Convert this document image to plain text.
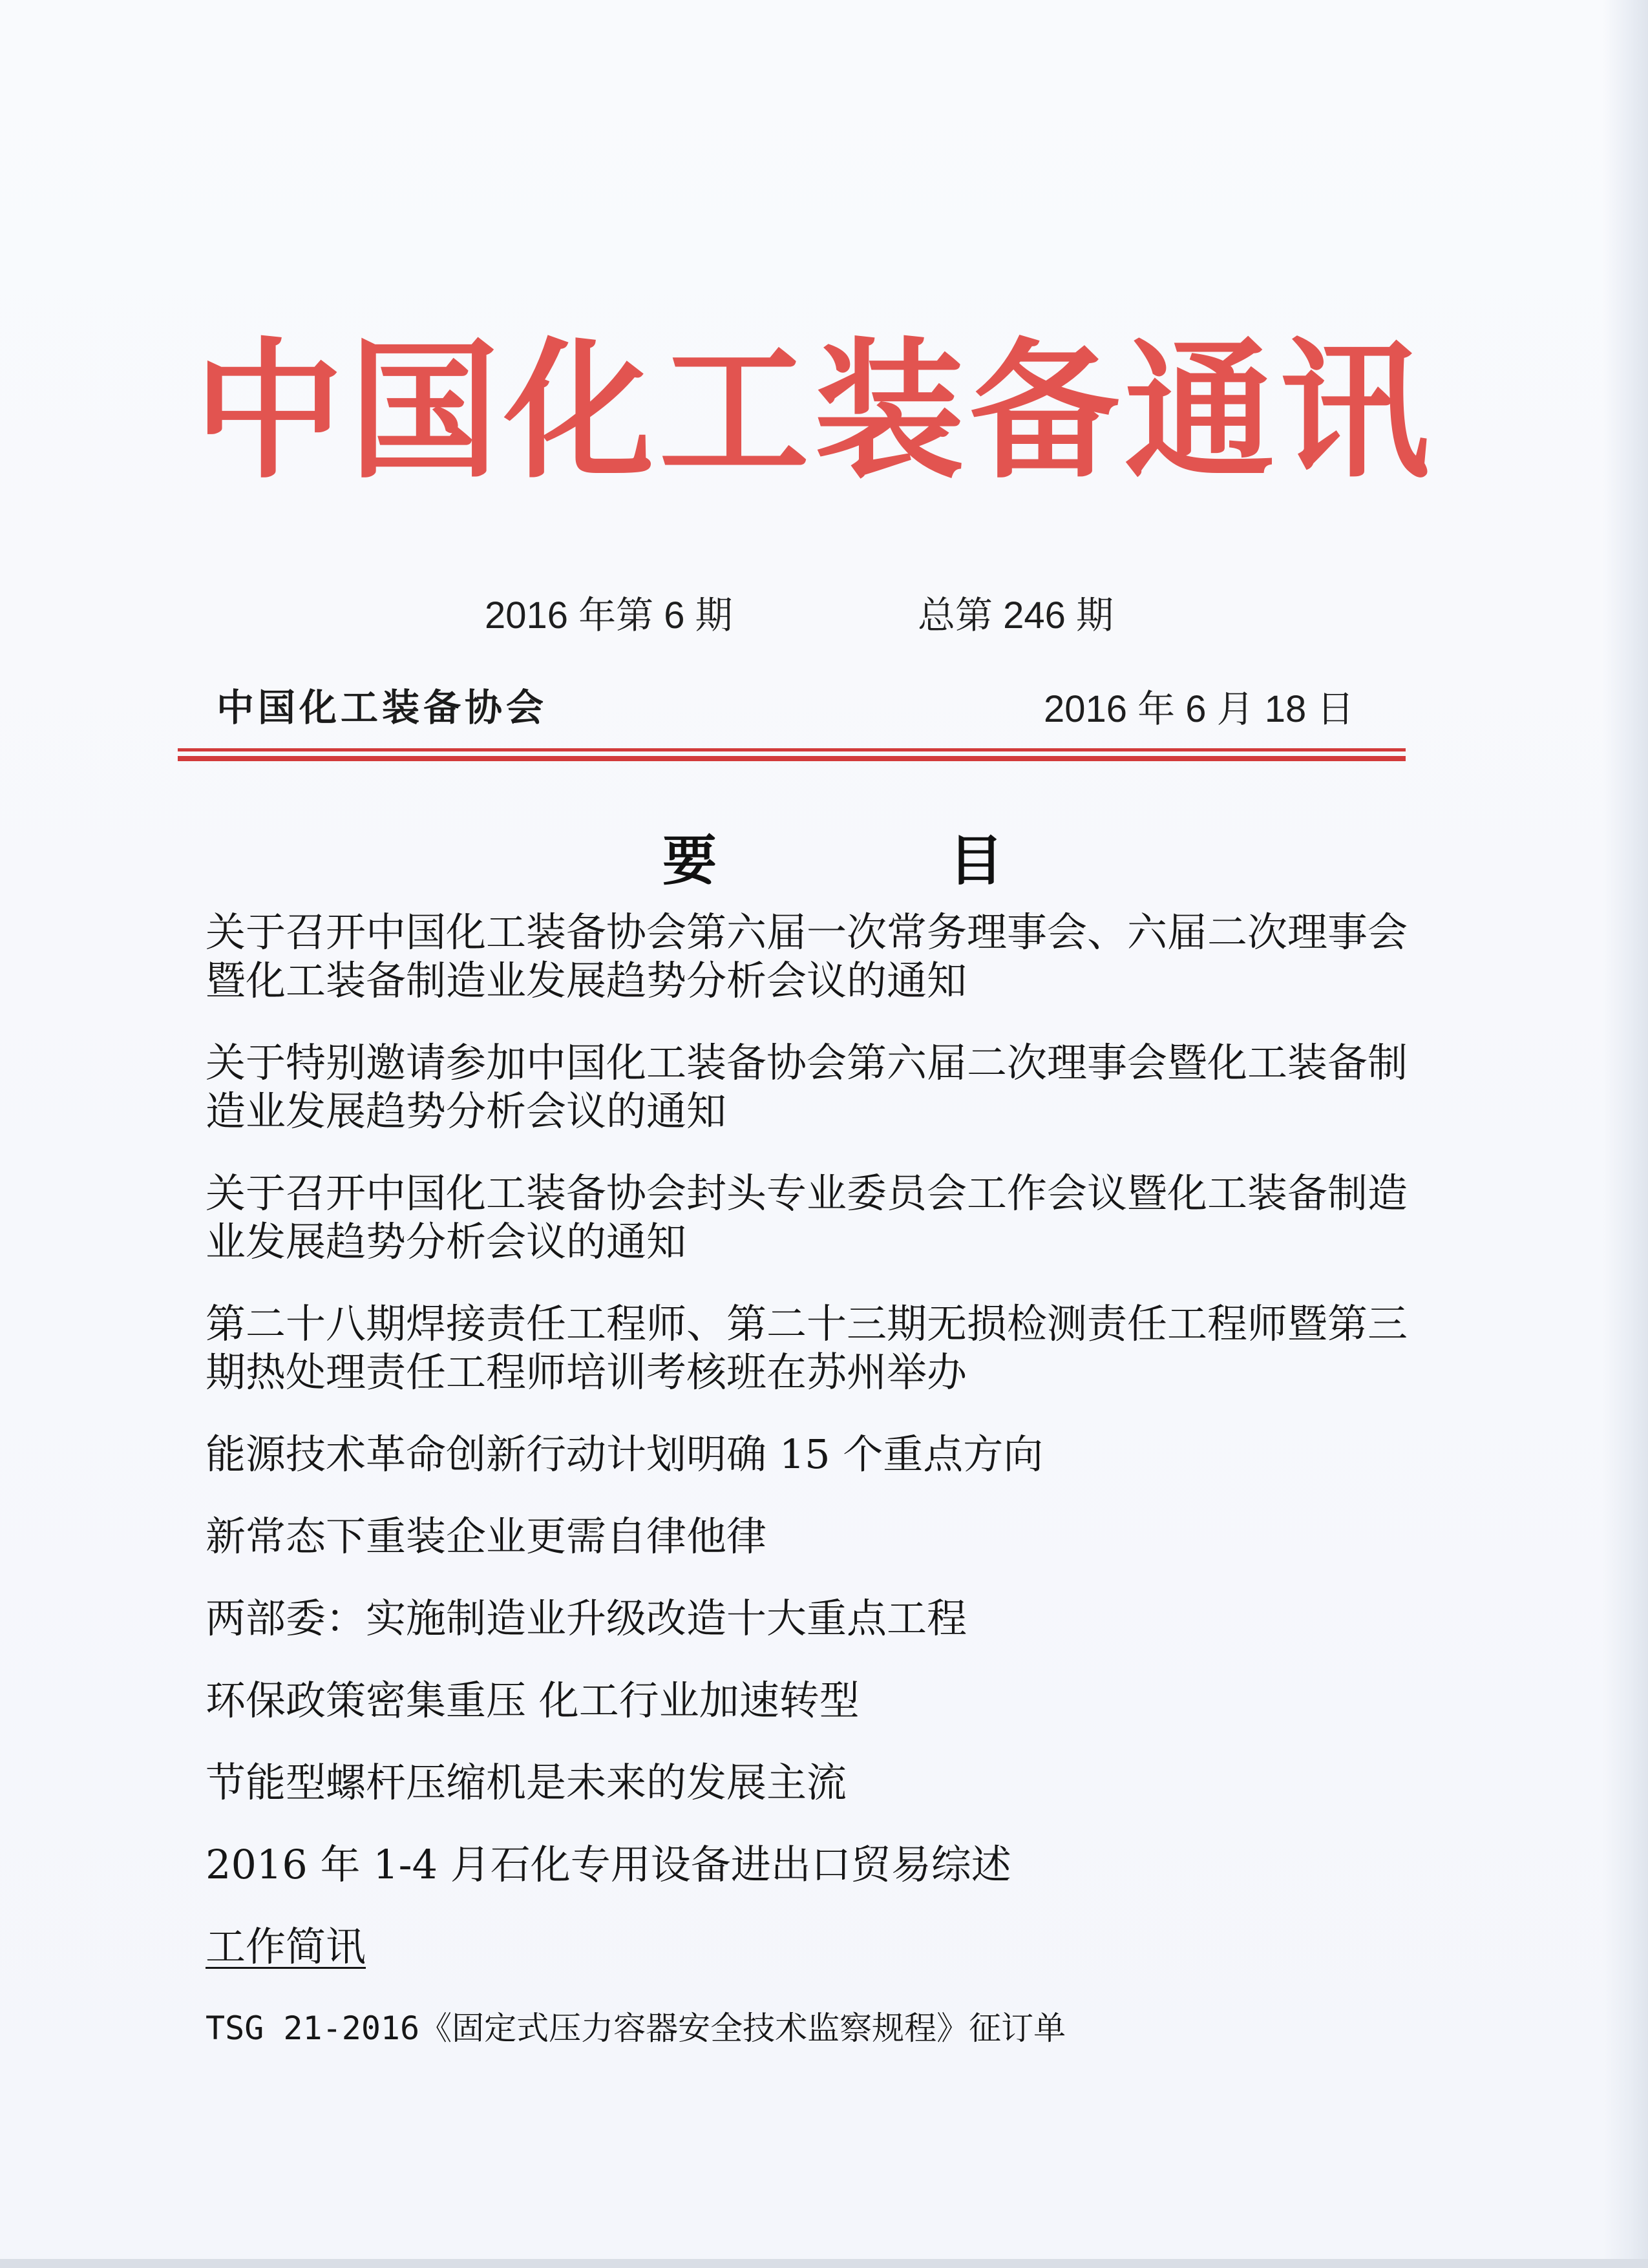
中国化工装备通讯
2016 年第 6 期	总第 246 期
中国化工装备协会	2016 年 6 月 18 日
要 目
关于召开中国化工装备协会第六届一次常务理事会、六届二次理事会暨化工装备制造业发展趋势分析会议的通知
关于特别邀请参加中国化工装备协会第六届二次理事会暨化工装备制造业发展趋势分析会议的通知
关于召开中国化工装备协会封头专业委员会工作会议暨化工装备制造业发展趋势分析会议的通知
第二十八期焊接责任工程师、第二十三期无损检测责任工程师暨第三期热处理责任工程师培训考核班在苏州举办
能源技术革命创新行动计划明确 15 个重点方向
新常态下重装企业更需自律他律
两部委：实施制造业升级改造十大重点工程
环保政策密集重压 化工行业加速转型
节能型螺杆压缩机是未来的发展主流
2016 年 1-4 月石化专用设备进出口贸易综述
工作简讯
TSG 21-2016《固定式压力容器安全技术监察规程》征订单
